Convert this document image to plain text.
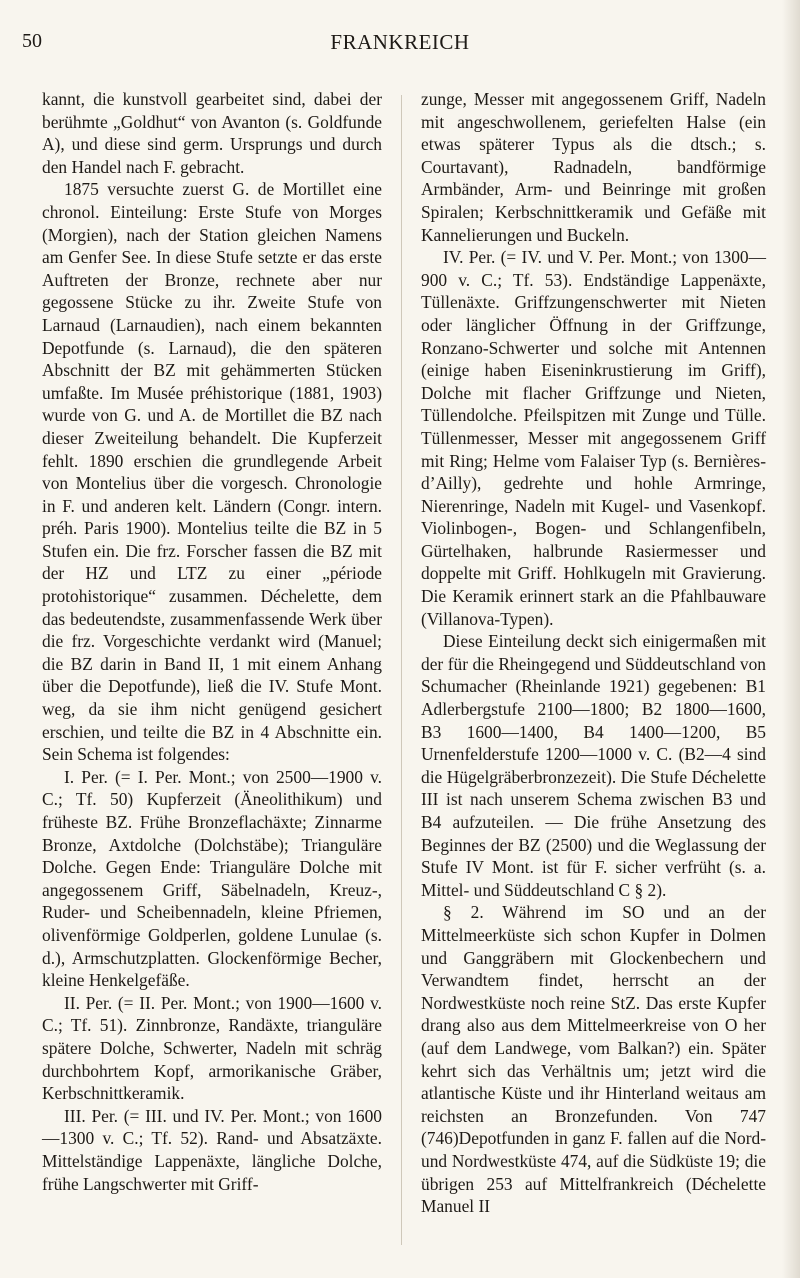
50	FRANKREICH

kannt, die kunstvoll gearbeitet sind, dabei der berühmte „Goldhut“ von Avanton (s. Goldfunde A), und diese sind germ. Ursprungs und durch den Handel nach F. gebracht.

1875 versuchte zuerst G. de Mortillet eine chronol. Einteilung: Erste Stufe von Morges (Morgien), nach der Station gleichen Namens am Genfer See. In diese Stufe setzte er das erste Auftreten der Bronze, rechnete aber nur gegossene Stücke zu ihr. Zweite Stufe von Larnaud (Larnaudien), nach einem bekannten Depotfunde (s. Larnaud), die den späteren Abschnitt der BZ mit gehämmerten Stücken umfaßte. Im Musée préhistorique (1881, 1903) wurde von G. und A. de Mortillet die BZ nach dieser Zweiteilung behandelt. Die Kupferzeit fehlt. 1890 erschien die grundlegende Arbeit von Montelius über die vorgesch. Chronologie in F. und anderen kelt. Ländern (Congr. intern. préh. Paris 1900). Montelius teilte die BZ in 5 Stufen ein. Die frz. Forscher fassen die BZ mit der HZ und LTZ zu einer „période protohistorique“ zusammen. Déchelette, dem das bedeutendste, zusammenfassende Werk über die frz. Vorgeschichte verdankt wird (Manuel; die BZ darin in Band II, 1 mit einem Anhang über die Depotfunde), ließ die IV. Stufe Mont. weg, da sie ihm nicht genügend gesichert erschien, und teilte die BZ in 4 Abschnitte ein. Sein Schema ist folgendes:

I. Per. (= I. Per. Mont.; von 2500—1900 v. C.; Tf. 50) Kupferzeit (Äneolithikum) und früheste BZ. Frühe Bronzeflachäxte; Zinnarme Bronze, Axtdolche (Dolchstäbe); Trianguläre Dolche. Gegen Ende: Trianguläre Dolche mit angegossenem Griff, Säbelnadeln, Kreuz-, Ruder- und Scheibennadeln, kleine Pfriemen, olivenförmige Goldperlen, goldene Lunulae (s. d.), Armschutzplatten. Glockenförmige Becher, kleine Henkelgefäße.

II. Per. (= II. Per. Mont.; von 1900—1600 v. C.; Tf. 51). Zinnbronze, Randäxte, trianguläre spätere Dolche, Schwerter, Nadeln mit schräg durchbohrtem Kopf, armorikanische Gräber, Kerbschnittkeramik.

III. Per. (= III. und IV. Per. Mont.; von 1600—1300 v. C.; Tf. 52). Rand- und Absatzäxte. Mittelständige Lappenäxte, längliche Dolche, frühe Langschwerter mit Griff-

zunge, Messer mit angegossenem Griff, Nadeln mit angeschwollenem, geriefelten Halse (ein etwas späterer Typus als die dtsch.; s. Courtavant), Radnadeln, bandförmige Armbänder, Arm- und Beinringe mit großen Spiralen; Kerbschnittkeramik und Gefäße mit Kannelierungen und Buckeln.

IV. Per. (= IV. und V. Per. Mont.; von 1300—900 v. C.; Tf. 53). Endständige Lappenäxte, Tüllenäxte. Griffzungenschwerter mit Nieten oder länglicher Öffnung in der Griffzunge, Ronzano-Schwerter und solche mit Antennen (einige haben Eiseninkrustierung im Griff), Dolche mit flacher Griffzunge und Nieten, Tüllendolche. Pfeilspitzen mit Zunge und Tülle. Tüllenmesser, Messer mit angegossenem Griff mit Ring; Helme vom Falaiser Typ (s. Bernières-d’Ailly), gedrehte und hohle Armringe, Nierenringe, Nadeln mit Kugel- und Vasenkopf. Violinbogen-, Bogen- und Schlangenfibeln, Gürtelhaken, halbrunde Rasiermesser und doppelte mit Griff. Hohlkugeln mit Gravierung. Die Keramik erinnert stark an die Pfahlbauware (Villanova-Typen).

Diese Einteilung deckt sich einigermaßen mit der für die Rheingegend und Süddeutschland von Schumacher (Rheinlande 1921) gegebenen: B1 Adlerbergstufe 2100—1800; B2 1800—1600, B3 1600—1400, B4 1400—1200, B5 Urnenfelderstufe 1200—1000 v. C. (B2—4 sind die Hügelgräberbronzezeit). Die Stufe Déchelette III ist nach unserem Schema zwischen B3 und B4 aufzuteilen. — Die frühe Ansetzung des Beginnes der BZ (2500) und die Weglassung der Stufe IV Mont. ist für F. sicher verfrüht (s. a. Mittel- und Süddeutschland C § 2).

§ 2. Während im SO und an der Mittelmeerküste sich schon Kupfer in Dolmen und Ganggräbern mit Glockenbechern und Verwandtem findet, herrscht an der Nordwestküste noch reine StZ. Das erste Kupfer drang also aus dem Mittelmeerkreise von O her (auf dem Landwege, vom Balkan?) ein. Später kehrt sich das Verhältnis um; jetzt wird die atlantische Küste und ihr Hinterland weitaus am reichsten an Bronzefunden. Von 747 (746)Depotfunden in ganz F. fallen auf die Nord- und Nordwestküste 474, auf die Südküste 19; die übrigen 253 auf Mittelfrankreich (Déchelette Manuel II
